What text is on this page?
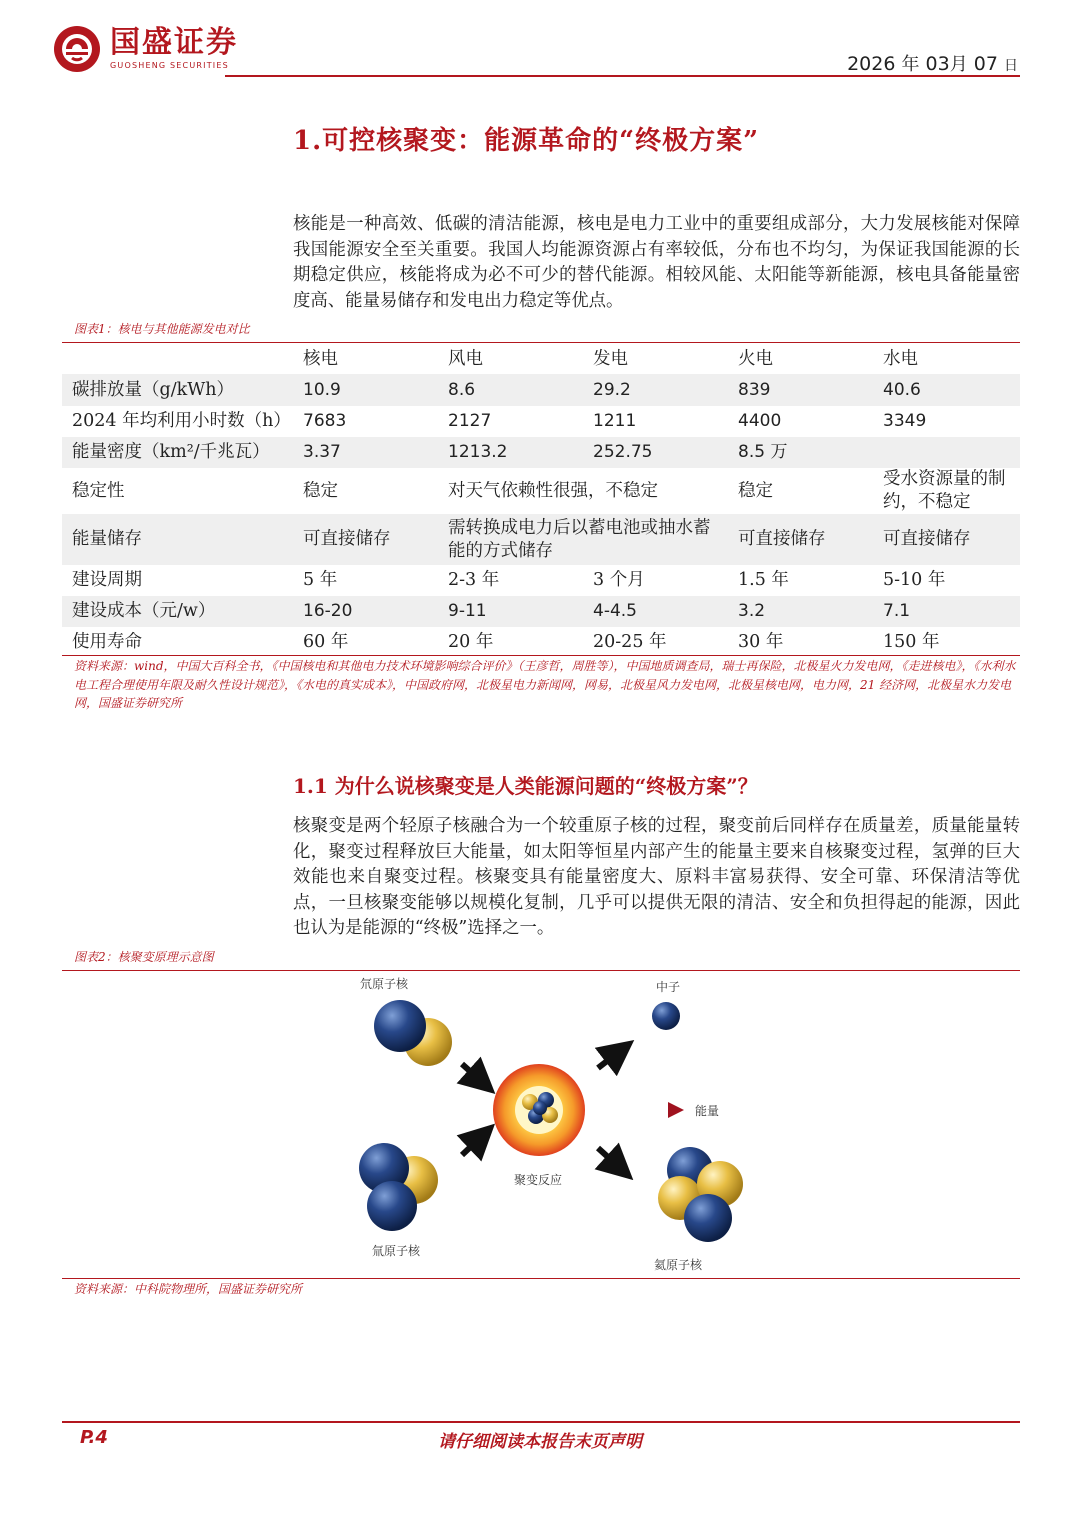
国盛证券
GUOSHENG SECURITIES	2026 年 03月 07 日
1.可控核聚变：能源革命的“终极方案”

核能是一种高效、低碳的清洁能源，核电是电力工业中的重要组成部分，大力发展核能对保障我国能源安全至关重要。我国人均能源资源占有率较低，分布也不均匀，为保证我国能源的长期稳定供应，核能将成为必不可少的替代能源。相较风能、太阳能等新能源，核电具备能量密度高、能量易储存和发电出力稳定等优点。

图表1：核电与其他能源发电对比
	核电	风电	发电	火电	水电
碳排放量（g/kWh）	10.9	8.6	29.2	839	40.6
2024 年均利用小时数（h）	7683	2127	1211	4400	3349
能量密度（km²/千兆瓦）	3.37	1213.2	252.75	8.5 万	
稳定性	稳定	对天气依赖性很强，不稳定		稳定	受水资源量的制约，不稳定
能量储存	可直接储存	需转换成电力后以蓄电池或抽水蓄能的方式储存		可直接储存	可直接储存
建设周期	5 年	2-3 年	3 个月	1.5 年	5-10 年
建设成本（元/w）	16-20	9-11	4-4.5	3.2	7.1
使用寿命	60 年	20 年	20-25 年	30 年	150 年
资料来源：wind，中国大百科全书，《中国核电和其他电力技术环境影响综合评价》（王彦哲，周胜等），中国地质调查局，瑞士再保险，北极星火力发电网，《走进核电》，《水利水电工程合理使用年限及耐久性设计规范》，《水电的真实成本》，中国政府网，北极星电力新闻网，网易，北极星风力发电网，北极星核电网，电力网，21 经济网，北极星水力发电网，国盛证券研究所
1.1 为什么说核聚变是人类能源问题的“终极方案”？

核聚变是两个轻原子核融合为一个较重原子核的过程，聚变前后同样存在质量差，质量能量转化，聚变过程释放巨大能量，如太阳等恒星内部产生的能量主要来自核聚变过程，氢弹的巨大效能也来自聚变过程。核聚变具有能量密度大、原料丰富易获得、安全可靠、环保清洁等优点，一旦核聚变能够以规模化复制，几乎可以提供无限的清洁、安全和负担得起的能源，因此也认为是能源的“终极”选择之一。

图表2：核聚变原理示意图
氘原子核
氚原子核
聚变反应
中子
能量
氦原子核
资料来源：中科院物理所，国盛证券研究所
请仔细阅读本报告末页声明
P.4
